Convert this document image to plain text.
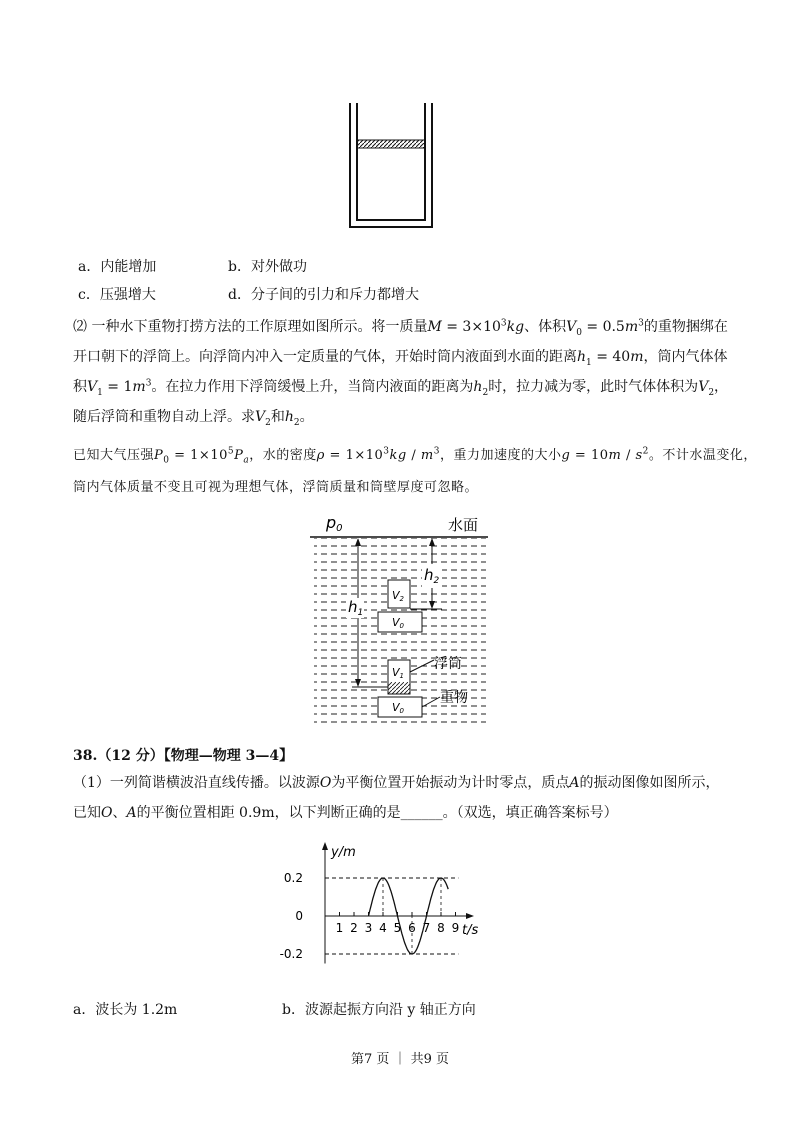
a．内能增加	b．对外做功
c．压强增大	d．分子间的引力和斥力都增大
⑵ 一种水下重物打捞方法的工作原理如图所示。将一质量$M = 3\times 10^3kg$、体积$V_0 = 0.5m^3$的重物捆绑在
开口朝下的浮筒上。向浮筒内冲入一定质量的气体，开始时筒内液面到水面的距离$h_1 = 40m$，筒内气体体
积$V_1 = 1m^3$。在拉力作用下浮筒缓慢上升，当筒内液面的距离为$h_2$时，拉力减为零，此时气体体积为$V_2$，
随后浮筒和重物自动上浮。求$V_2$和$h_2$。
已知大气压强$P_0 = 1\times 10^5P_a$，水的密度$\rho = 1\times 10^3kg / m^3$，重力加速度的大小$g = 10m / s^2$。不计水温变化，
筒内气体质量不变且可视为理想气体，浮筒质量和筒壁厚度可忽略。
p0	水面
$h_1$
$h_2$
V2
V0
V1
V0
浮筒
重物
38.（12 分）【物理—物理 3—4】
（1）一列简谐横波沿直线传播。以波源O为平衡位置开始振动为计时零点，质点A的振动图像如图所示，
已知O、A的平衡位置相距 0.9m，以下判断正确的是______。（双选，填正确答案标号）
y/m
t/s
0.2
0
-0.2
1 2 3 4 5 6 7 8 9
a．波长为 1.2m	b．波源起振方向沿 y 轴正方向
第7 页 ｜ 共9 页
